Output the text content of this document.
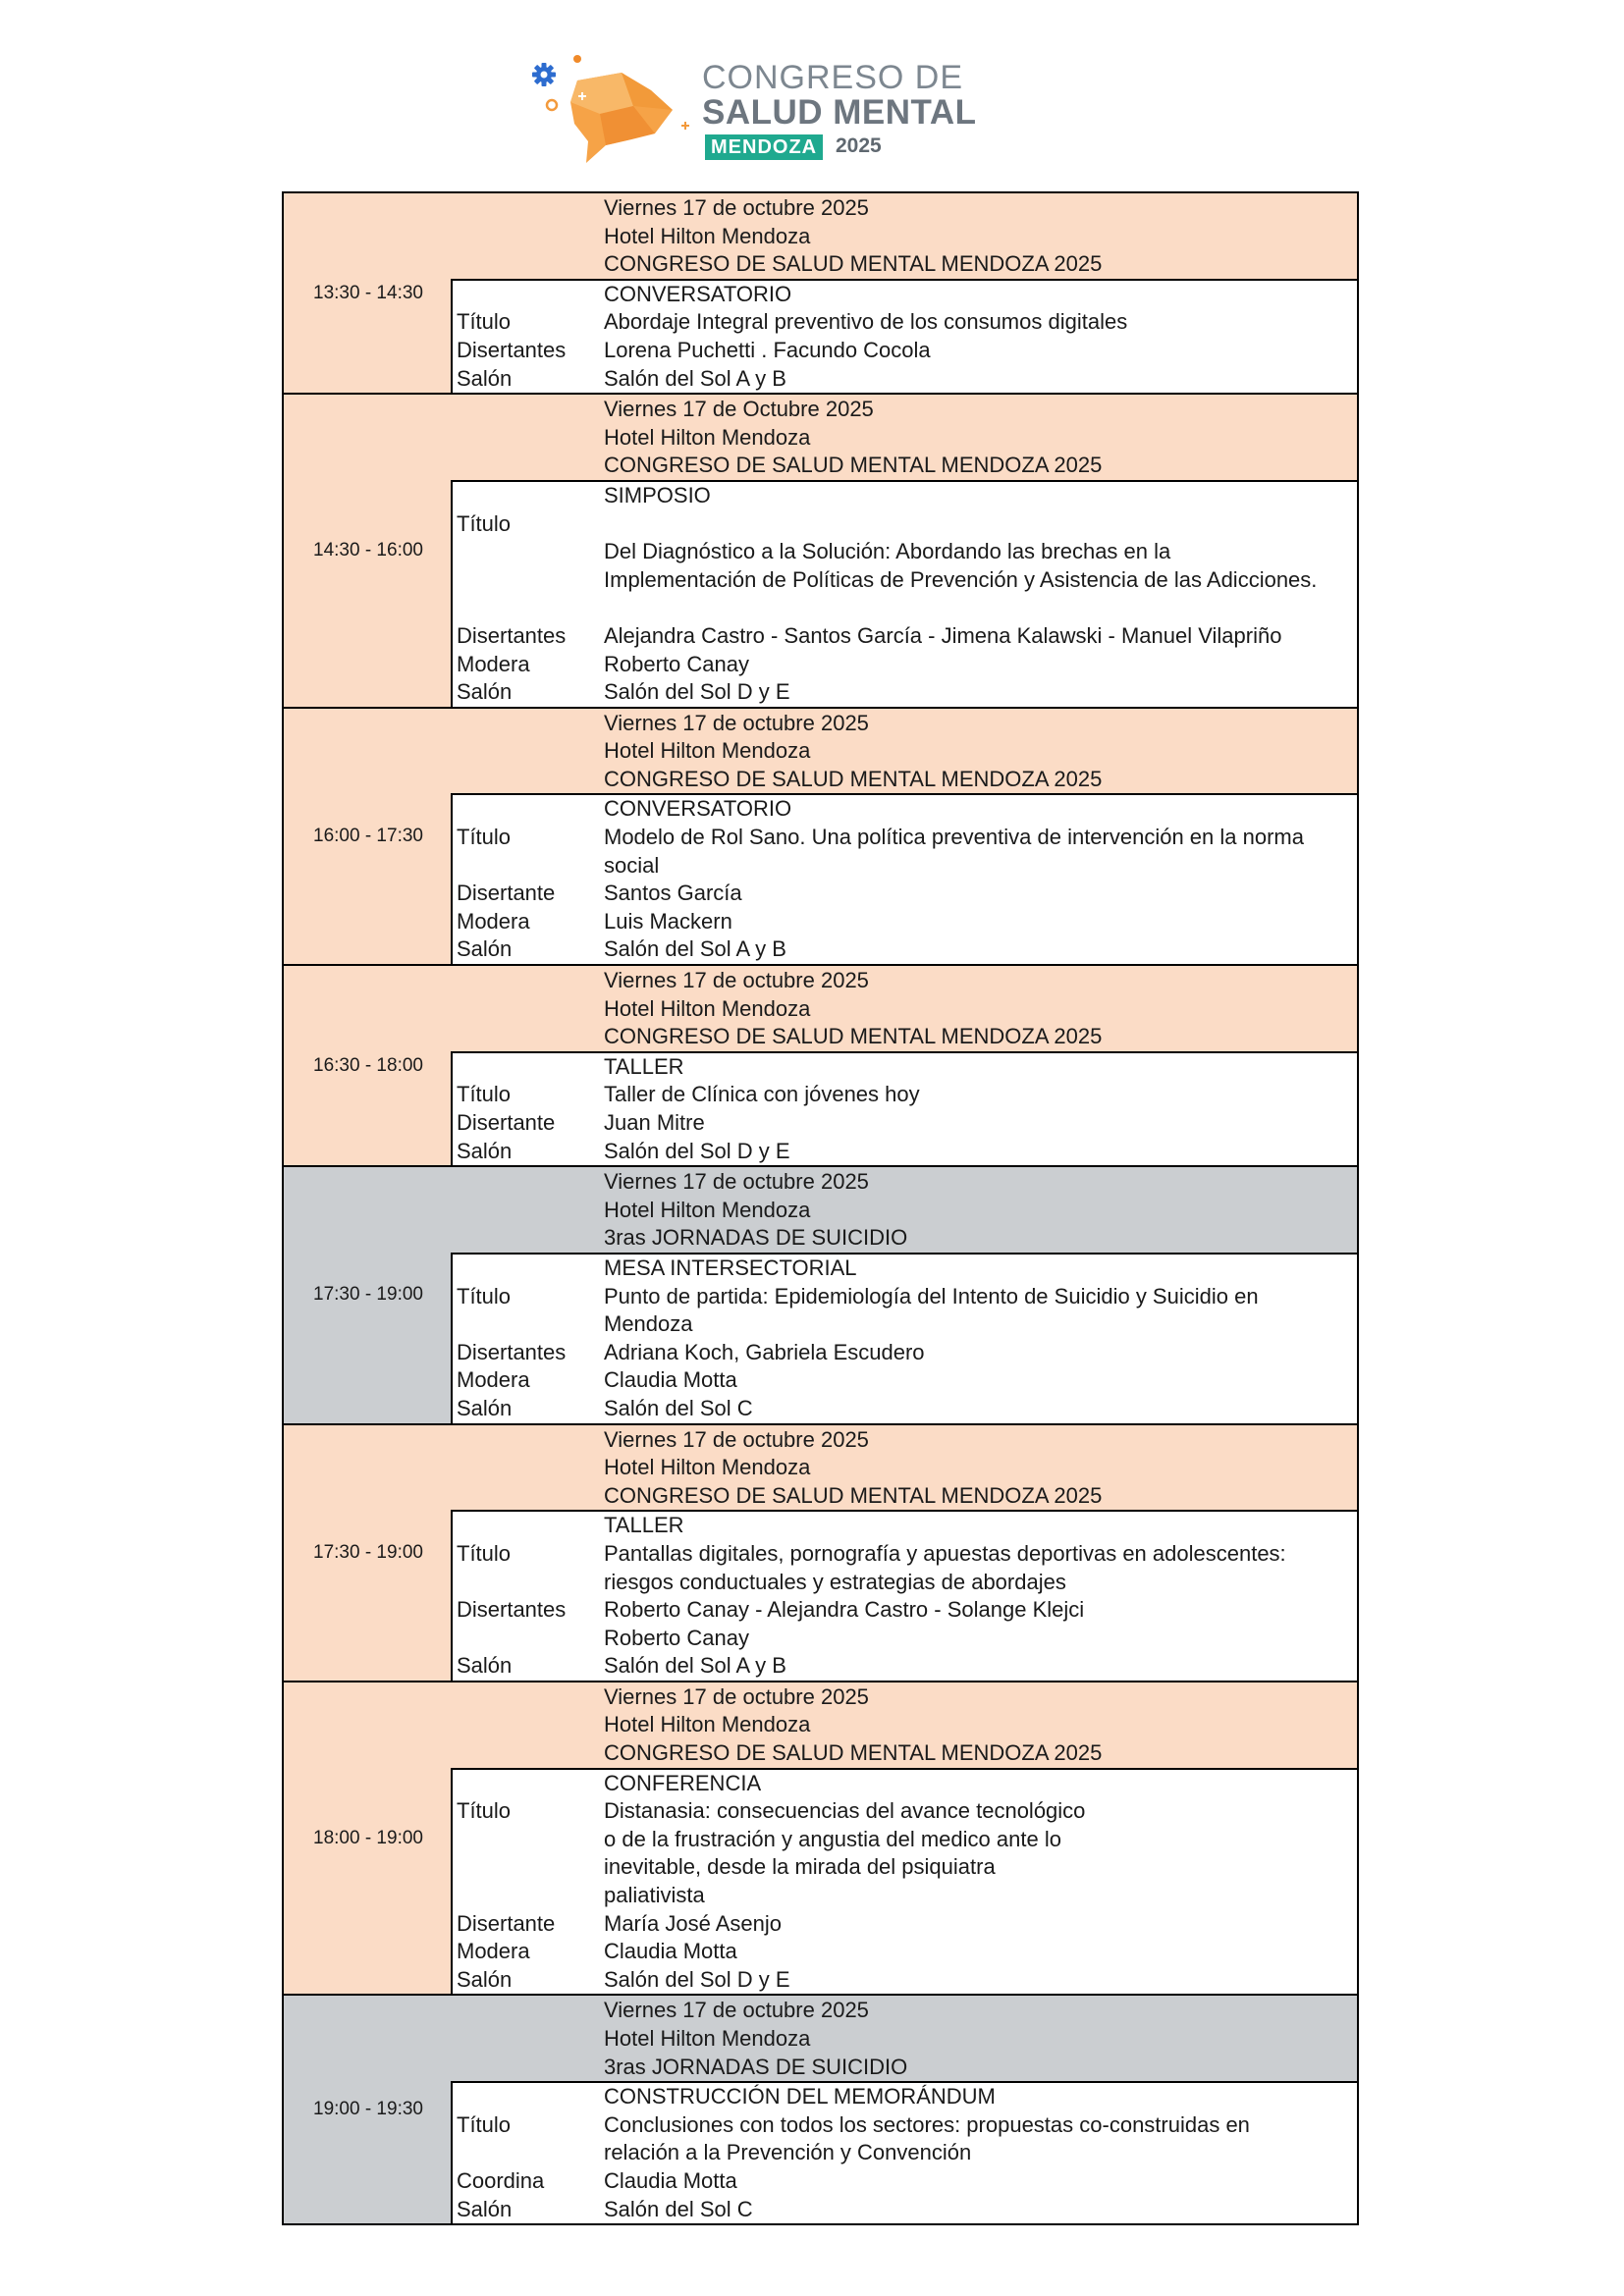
CONGRESO DE
SALUD MENTAL
MENDOZA 2025
13:30 - 14:30
Viernes 17 de octubre 2025
Hotel Hilton Mendoza
CONGRESO DE SALUD MENTAL MENDOZA 2025
CONVERSATORIO
Título	Abordaje Integral preventivo de los consumos digitales
Disertantes	Lorena Puchetti . Facundo Cocola
Salón	Salón del Sol A y B
14:30 - 16:00
Viernes 17 de Octubre 2025
Hotel Hilton Mendoza
CONGRESO DE SALUD MENTAL MENDOZA 2025
SIMPOSIO
Título
Del Diagnóstico a la Solución: Abordando las brechas en la
Implementación de Políticas de Prevención y Asistencia de las Adicciones.
Disertantes	Alejandra Castro - Santos García - Jimena Kalawski - Manuel Vilapriño
Modera	Roberto Canay
Salón	Salón del Sol D y E
16:00 - 17:30
Viernes 17 de octubre 2025
Hotel Hilton Mendoza
CONGRESO DE SALUD MENTAL MENDOZA 2025
CONVERSATORIO
Título	Modelo de Rol Sano. Una política preventiva de intervención en la norma
social
Disertante	Santos García
Modera	Luis Mackern
Salón	Salón del Sol A y B
16:30 - 18:00
Viernes 17 de octubre 2025
Hotel Hilton Mendoza
CONGRESO DE SALUD MENTAL MENDOZA 2025
TALLER
Título	Taller de Clínica con jóvenes hoy
Disertante	Juan Mitre
Salón	Salón del Sol D y E
17:30 - 19:00
Viernes 17 de octubre 2025
Hotel Hilton Mendoza
3ras JORNADAS DE SUICIDIO
MESA INTERSECTORIAL
Título	Punto de partida: Epidemiología del Intento de Suicidio y Suicidio en
Mendoza
Disertantes	Adriana Koch, Gabriela Escudero
Modera	Claudia Motta
Salón	Salón del Sol C
17:30 - 19:00
Viernes 17 de octubre 2025
Hotel Hilton Mendoza
CONGRESO DE SALUD MENTAL MENDOZA 2025
TALLER
Título	Pantallas digitales, pornografía y apuestas deportivas en adolescentes:
riesgos conductuales y estrategias de abordajes
Disertantes	Roberto Canay - Alejandra Castro - Solange Klejci
Roberto Canay
Salón	Salón del Sol A y B
18:00 - 19:00
Viernes 17 de octubre 2025
Hotel Hilton Mendoza
CONGRESO DE SALUD MENTAL MENDOZA 2025
CONFERENCIA
Título	Distanasia: consecuencias del avance tecnológico
o de la frustración y angustia del medico ante lo
inevitable, desde la mirada del psiquiatra
paliativista
Disertante	María José Asenjo
Modera	Claudia Motta
Salón	Salón del Sol D y E
19:00 - 19:30
Viernes 17 de octubre 2025
Hotel Hilton Mendoza
3ras JORNADAS DE SUICIDIO
CONSTRUCCIÓN DEL MEMORÁNDUM
Título	Conclusiones con todos los sectores: propuestas co-construidas en
relación a la Prevención y Convención
Coordina	Claudia Motta
Salón	Salón del Sol C
